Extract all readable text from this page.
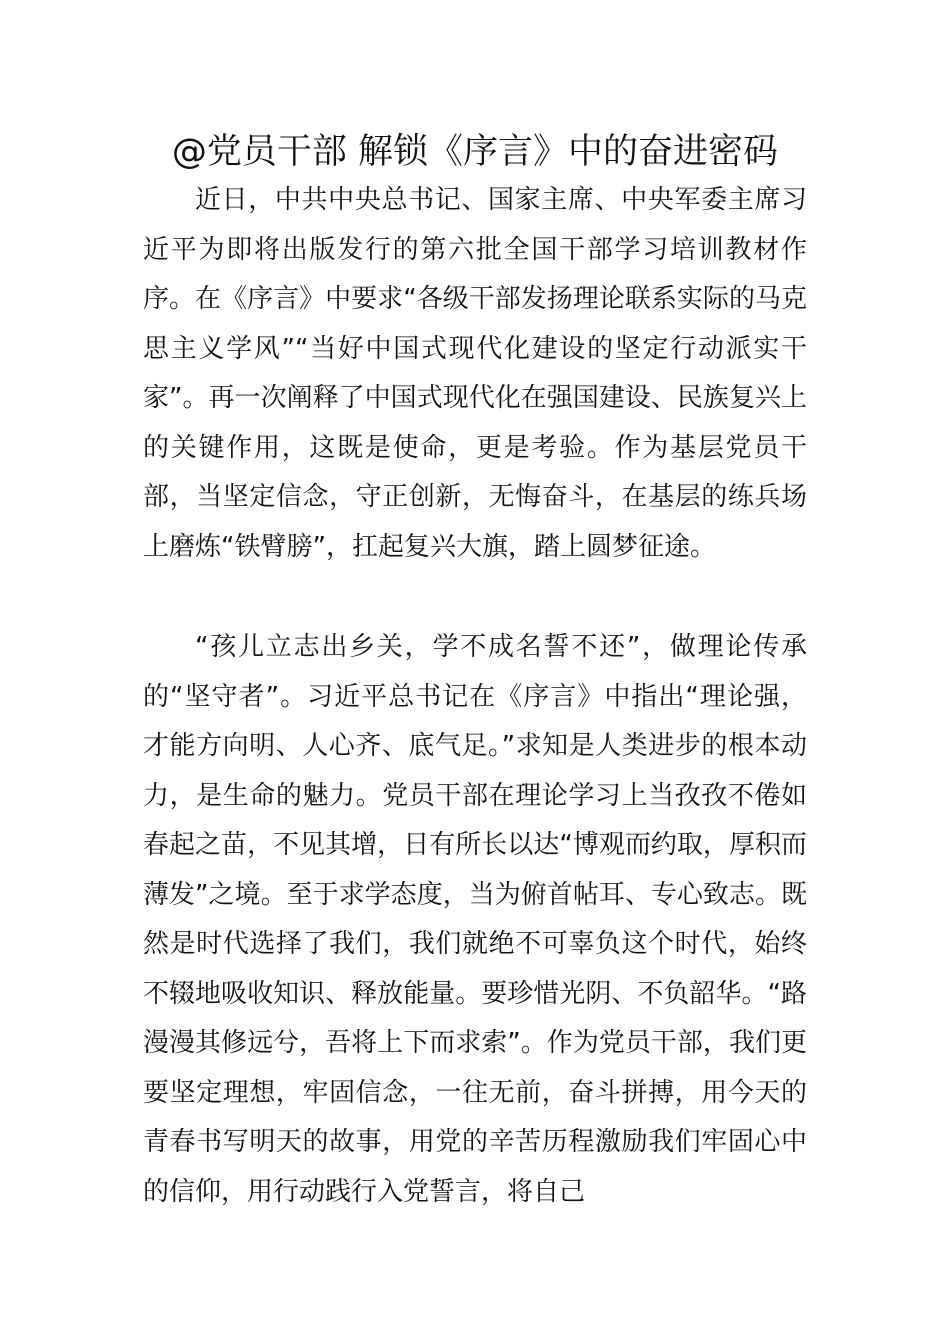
@党员干部 解锁《序言》中的奋进密码

近日，中共中央总书记、国家主席、中央军委主席习近平为即将出版发行的第六批全国干部学习培训教材作序。在《序言》中要求“各级干部发扬理论联系实际的马克思主义学风”“当好中国式现代化建设的坚定行动派实干家”。再一次阐释了中国式现代化在强国建设、民族复兴上的关键作用，这既是使命，更是考验。作为基层党员干部，当坚定信念，守正创新，无悔奋斗，在基层的练兵场上磨炼“铁臂膀”，扛起复兴大旗，踏上圆梦征途。

“孩儿立志出乡关，学不成名誓不还”，做理论传承的“坚守者”。习近平总书记在《序言》中指出“理论强，才能方向明、人心齐、底气足。”求知是人类进步的根本动力，是生命的魅力。党员干部在理论学习上当孜孜不倦如春起之苗，不见其增，日有所长以达“博观而约取，厚积而薄发”之境。至于求学态度，当为俯首帖耳、专心致志。既然是时代选择了我们，我们就绝不可辜负这个时代，始终不辍地吸收知识、释放能量。要珍惜光阴、不负韶华。“路漫漫其修远兮，吾将上下而求索”。作为党员干部，我们更要坚定理想，牢固信念，一往无前，奋斗拼搏，用今天的青春书写明天的故事，用党的辛苦历程激励我们牢固心中的信仰，用行动践行入党誓言，将自己
